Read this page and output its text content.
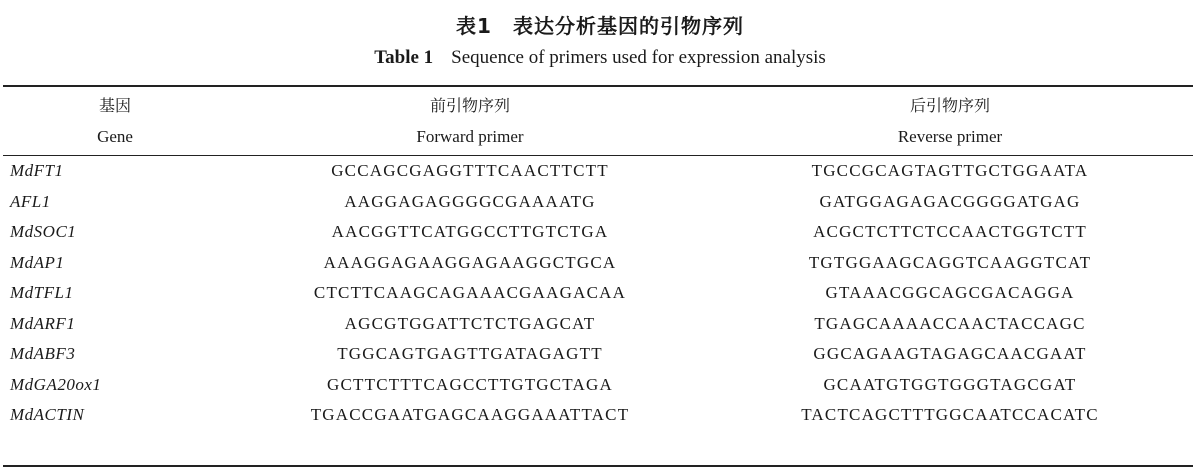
表1　表达分析基因的引物序列
Table 1 Sequence of primers used for expression analysis
基因	前引物序列	后引物序列
Gene	Forward primer	Reverse primer
MdFT1	GCCAGCGAGGTTTCAACTTCTT	TGCCGCAGTAGTTGCTGGAATA
AFL1	AAGGAGAGGGGCGAAAATG	GATGGAGAGACGGGGATGAG
MdSOC1	AACGGTTCATGGCCTTGTCTGA	ACGCTCTTCTCCAACTGGTCTT
MdAP1	AAAGGAGAAGGAGAAGGCTGCA	TGTGGAAGCAGGTCAAGGTCAT
MdTFL1	CTCTTCAAGCAGAAACGAAGACAA	GTAAACGGCAGCGACAGGA
MdARF1	AGCGTGGATTCTCTGAGCAT	TGAGCAAAACCAACTACCAGC
MdABF3	TGGCAGTGAGTTGATAGAGTT	GGCAGAAGTAGAGCAACGAAT
MdGA20ox1	GCTTCTTTCAGCCTTGTGCTAGA	GCAATGTGGTGGGTAGCGAT
MdACTIN	TGACCGAATGAGCAAGGAAATTACT	TACTCAGCTTTGGCAATCCACATC
